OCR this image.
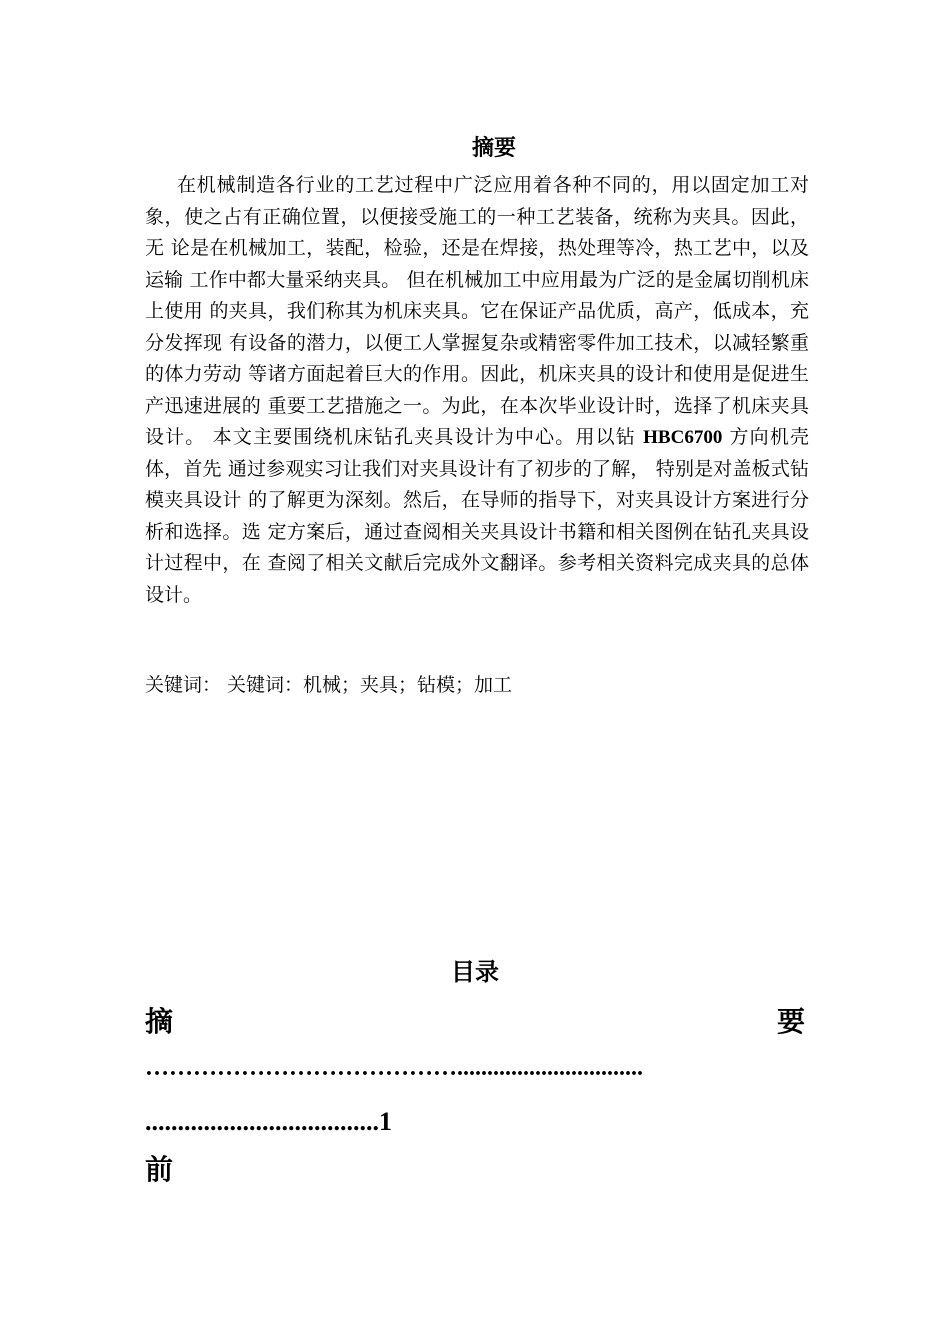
摘要
在机械制造各行业的工艺过程中广泛应用着各种不同的，用以固定加工对 象，使之占有正确位置，以便接受施工的一种工艺装备，统称为夹具。因此，无 论是在机械加工，装配，检验，还是在焊接，热处理等冷，热工艺中，以及运输 工作中都大量采纳夹具。 但在机械加工中应用最为广泛的是金属切削机床上使用 的夹具，我们称其为机床夹具。它在保证产品优质，高产，低成本，充分发挥现 有设备的潜力，以便工人掌握复杂或精密零件加工技术，以减轻繁重的体力劳动 等诸方面起着巨大的作用。因此，机床夹具的设计和使用是促进生产迅速进展的 重要工艺措施之一。为此，在本次毕业设计时，选择了机床夹具设计。 本文主要围绕机床钻孔夹具设计为中心。用以钻 HBC6700 方向机壳体，首先 通过参观实习让我们对夹具设计有了初步的了解， 特别是对盖板式钻模夹具设计 的了解更为深刻。然后，在导师的指导下，对夹具设计方案进行分析和选择。选 定方案后，通过查阅相关夹具设计书籍和相关图例在钻孔夹具设计过程中，在 查阅了相关文献后完成外文翻译。参考相关资料完成夹具的总体设计。
关键词： 关键词：机械；夹具；钻模；加工
目录
摘	要
…………………………………...............................
....................................1
前
